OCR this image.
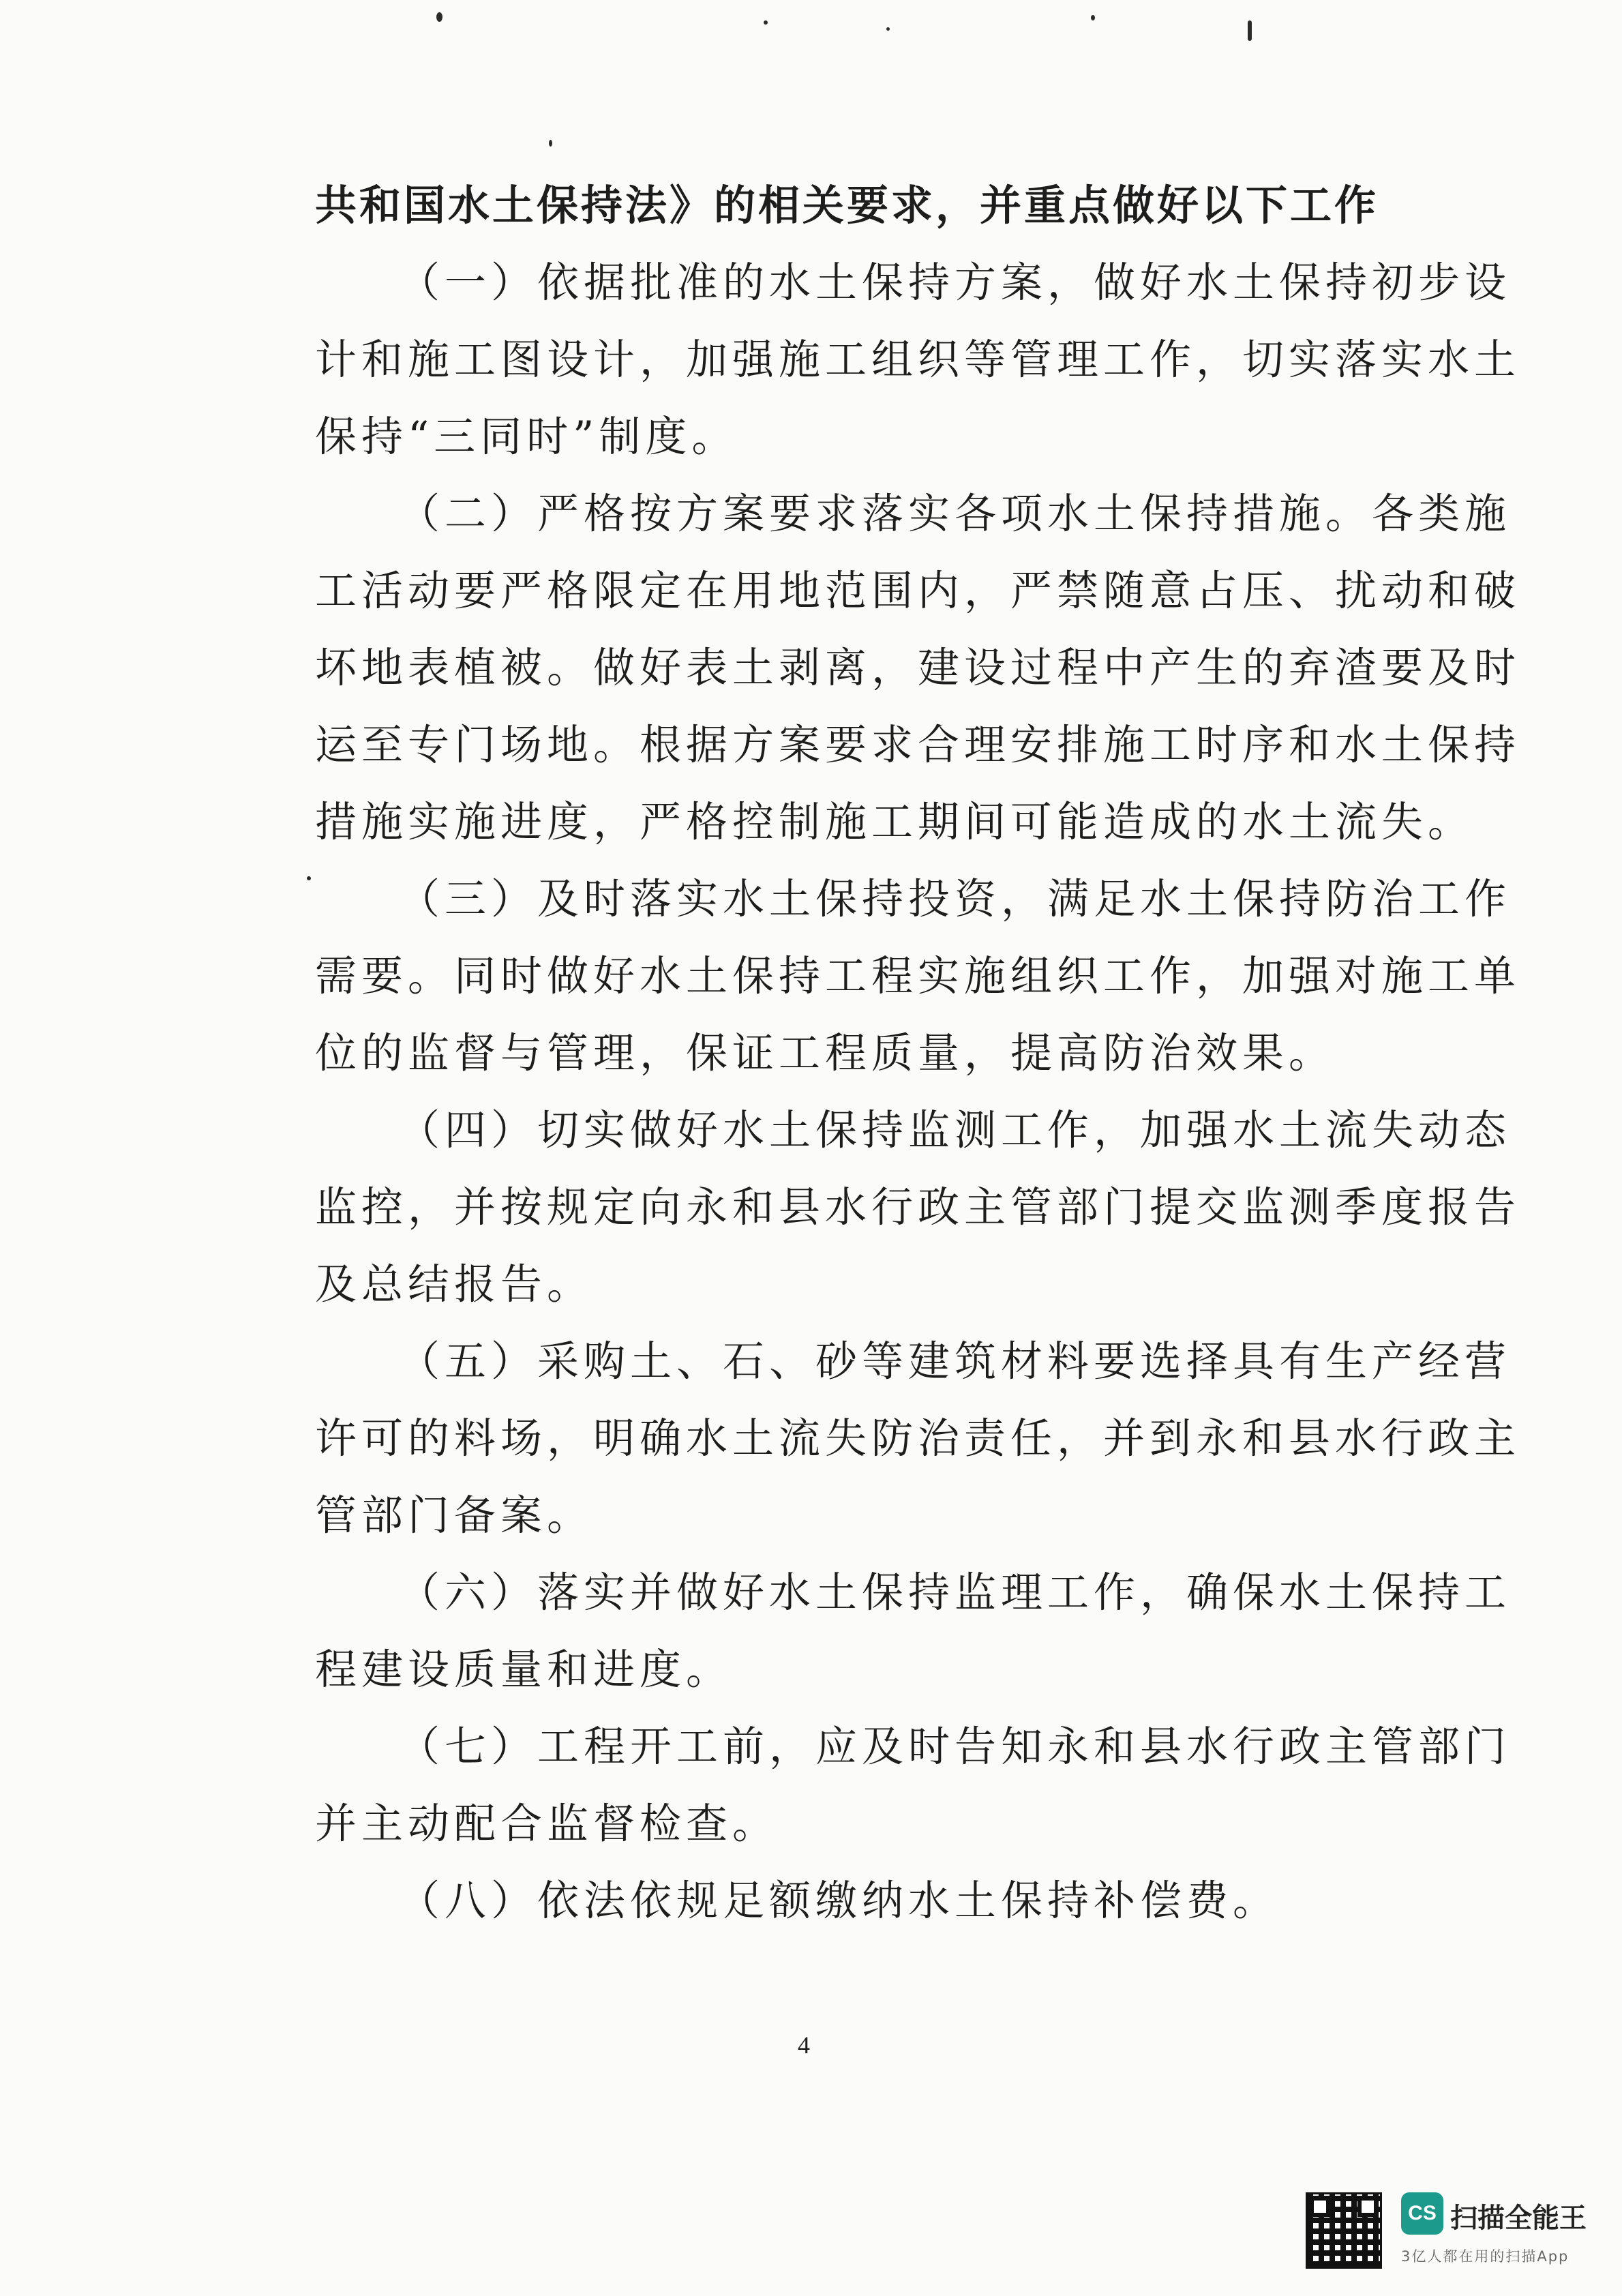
共和国水土保持法》的相关要求，并重点做好以下工作
（一）依据批准的水土保持方案，做好水土保持初步设
计和施工图设计，加强施工组织等管理工作，切实落实水土
保持“三同时”制度。
（二）严格按方案要求落实各项水土保持措施。各类施
工活动要严格限定在用地范围内，严禁随意占压、扰动和破
坏地表植被。做好表土剥离，建设过程中产生的弃渣要及时
运至专门场地。根据方案要求合理安排施工时序和水土保持
措施实施进度，严格控制施工期间可能造成的水土流失。
（三）及时落实水土保持投资，满足水土保持防治工作
需要。同时做好水土保持工程实施组织工作，加强对施工单
位的监督与管理，保证工程质量，提高防治效果。
（四）切实做好水土保持监测工作，加强水土流失动态
监控，并按规定向永和县水行政主管部门提交监测季度报告
及总结报告。
（五）采购土、石、砂等建筑材料要选择具有生产经营
许可的料场，明确水土流失防治责任，并到永和县水行政主
管部门备案。
（六）落实并做好水土保持监理工作，确保水土保持工
程建设质量和进度。
（七）工程开工前，应及时告知永和县水行政主管部门
并主动配合监督检查。
（八）依法依规足额缴纳水土保持补偿费。
4
CS 扫描全能王
3亿人都在用的扫描App
